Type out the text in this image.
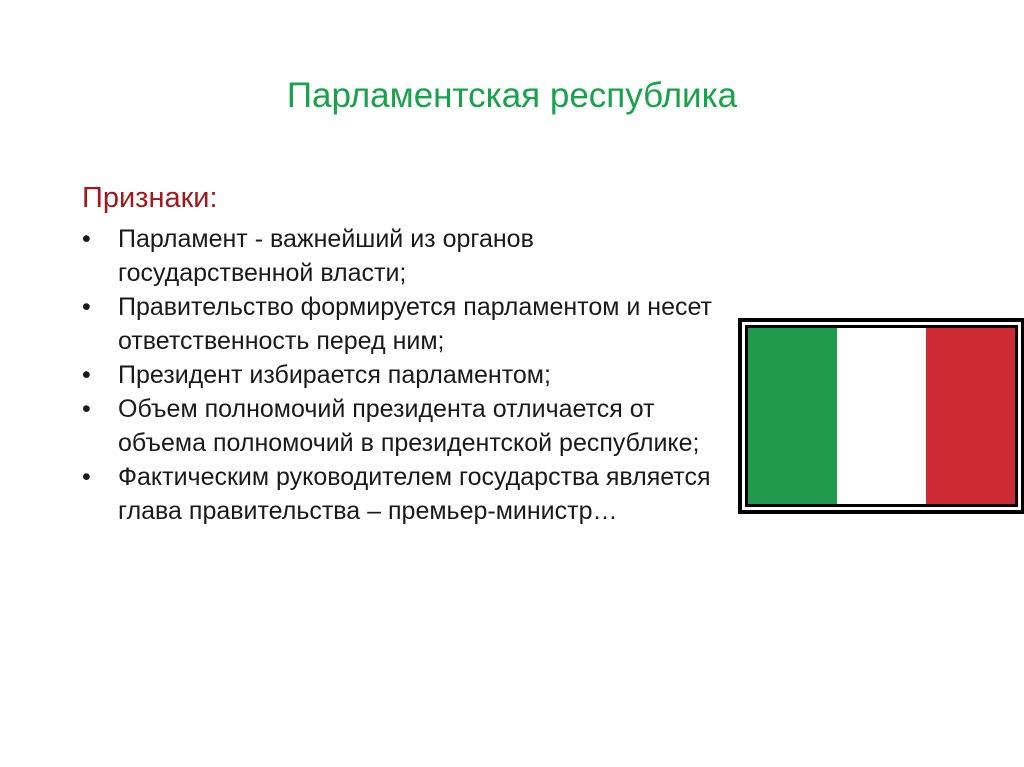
Парламентская республика
Признаки:
•	Парламент - важнейший из органов государственной власти;
•	Правительство формируется парламентом и несет ответственность перед ним;
•	Президент избирается парламентом;
•	Объем полномочий президента отличается от объема полномочий в президентской республике;
•	Фактическим руководителем государства является глава правительства – премьер-министр…
